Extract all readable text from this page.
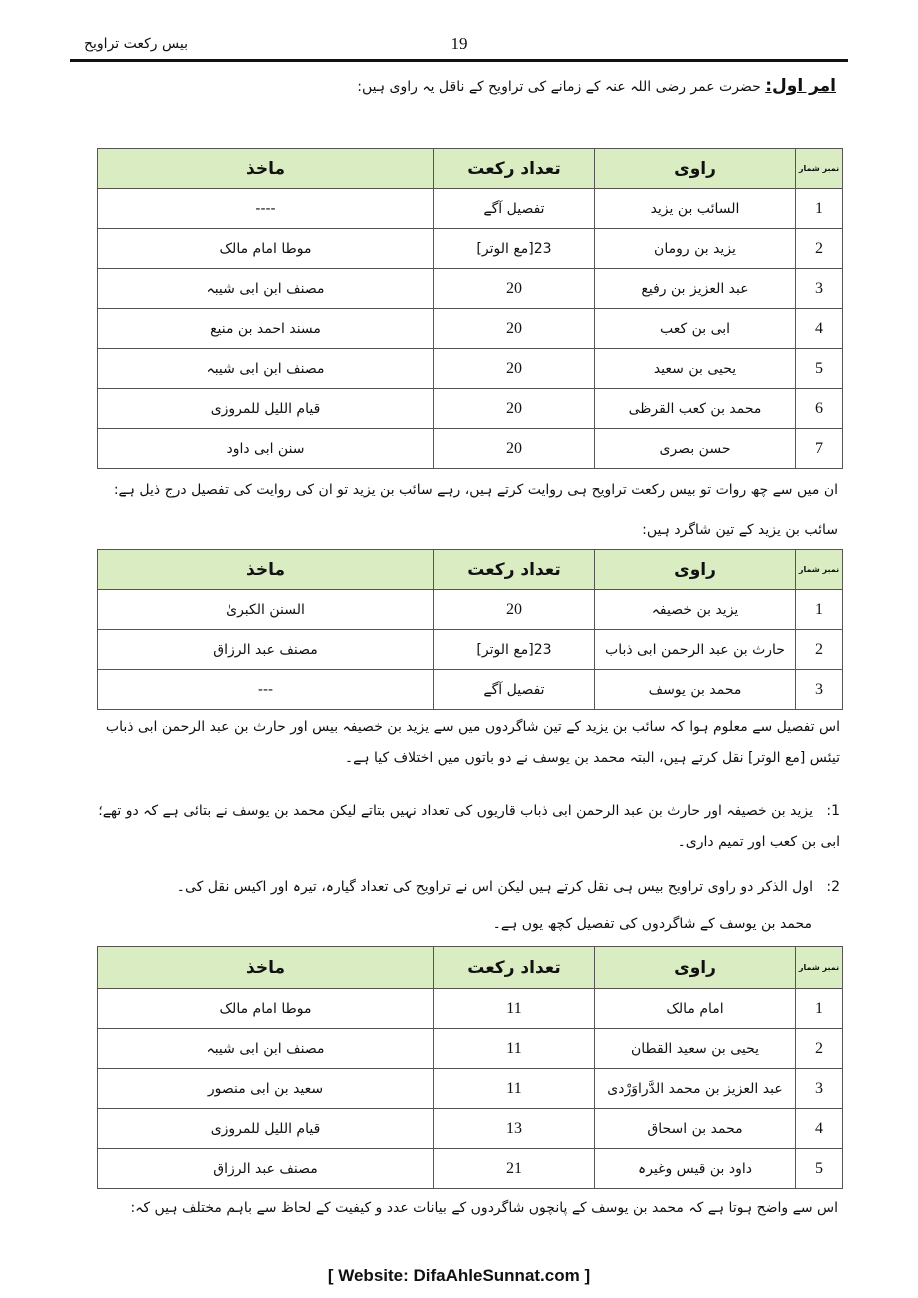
بیس رکعت تراویح	19
امر اول: حضرت عمر رضی اللہ عنہ کے زمانے کی تراویح کے ناقل یہ راوی ہیں:
نمبر شمار	راوی	تعداد رکعت	ماخذ
1	السائب بن یزید	تفصیل آگے	----
2	یزید بن رومان	23[مع الوتر]	موطا امام مالک
3	عبد العزیز بن رفیع	20	مصنف ابن ابی شیبہ
4	ابی بن کعب	20	مسند احمد بن منیع
5	یحیی بن سعید	20	مصنف ابن ابی شیبہ
6	محمد بن کعب القرظی	20	قیام اللیل للمروزی
7	حسن بصری	20	سنن ابی داود
ان میں سے چھ روات تو بیس رکعت تراویح ہی روایت کرتے ہیں، رہے سائب بن یزید تو ان کی روایت کی تفصیل درج ذیل ہے:
سائب بن یزید کے تین شاگرد ہیں:
نمبر شمار	راوی	تعداد رکعت	ماخذ
1	یزید بن خصیفہ	20	السنن الکبریٰ
2	حارث بن عبد الرحمن ابی ذباب	23[مع الوتر]	مصنف عبد الرزاق
3	محمد بن یوسف	تفصیل آگے	---
اس تفصیل سے معلوم ہوا کہ سائب بن یزید کے تین شاگردوں میں سے یزید بن خصیفہ بیس اور حارث بن عبد الرحمن ابی ذباب تیئس [مع الوتر] نقل کرتے ہیں، البتہ محمد بن یوسف نے دو باتوں میں اختلاف کیا ہے۔
1:   یزید بن خصیفہ اور حارث بن عبد الرحمن ابی ذباب قاریوں کی تعداد نہیں بتاتے لیکن محمد بن یوسف نے بتائی ہے کہ دو تھے؛ ابی بن کعب اور تمیم داری۔
2:   اول الذکر دو راوی تراویح بیس ہی نقل کرتے ہیں لیکن اس نے تراویح کی تعداد گیارہ، تیرہ اور اکیس نقل کی۔
محمد بن یوسف کے شاگردوں کی تفصیل کچھ یوں ہے۔
نمبر شمار	راوی	تعداد رکعت	ماخذ
1	امام مالک	11	موطا امام مالک
2	یحیی بن سعید القطان	11	مصنف ابن ابی شیبہ
3	عبد العزیز بن محمد الدَّراوَرْدی	11	سعید بن ابی منصور
4	محمد بن اسحاق	13	قیام اللیل للمروزی
5	داود بن قیس وغیرہ	21	مصنف عبد الرزاق
اس سے واضح ہوتا ہے کہ محمد بن یوسف کے پانچوں شاگردوں کے بیانات عدد و کیفیت کے لحاظ سے باہم مختلف ہیں کہ:
[ Website: DifaAhleSunnat.com ]
